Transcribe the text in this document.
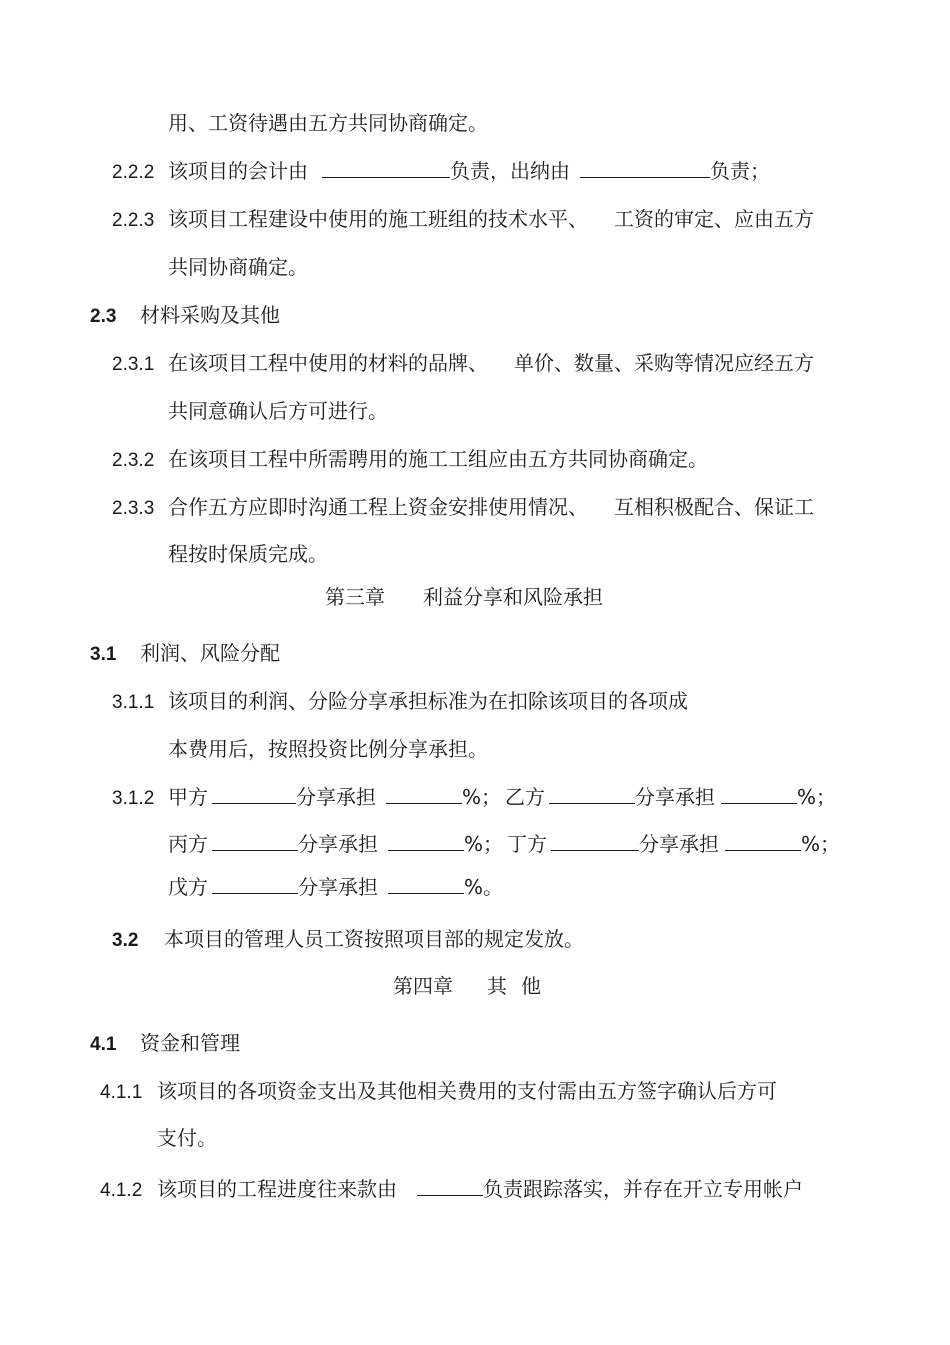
用、工资待遇由五方共同协商确定。
2.2.2 该项目的会计由	负责，出纳由	负责；
2.2.3 该项目工程建设中使用的施工班组的技术水平、 工资的审定、应由五方
共同协商确定。
2.3 材料采购及其他
2.3.1 在该项目工程中使用的材料的品牌、 单价、数量、采购等情况应经五方
共同意确认后方可进行。
2.3.2 在该项目工程中所需聘用的施工工组应由五方共同协商确定。
2.3.3 合作五方应即时沟通工程上资金安排使用情况、 互相积极配合、保证工
程按时保质完成。
第三章 利益分享和风险承担
3.1 利润、风险分配
3.1.1 该项目的利润、分险分享承担标准为在扣除该项目的各项成
本费用后，按照投资比例分享承担。
3.1.2 甲方	分享承担	%； 乙方	分享承担	%；
丙方	分享承担	%； 丁方	分享承担	%；
戊方	分享承担	%。
3.2 本项目的管理人员工资按照项目部的规定发放。
第四章 其 他
4.1 资金和管理
4.1.1 该项目的各项资金支出及其他相关费用的支付需由五方签字确认后方可
支付。
4.1.2 该项目的工程进度往来款由	负责跟踪落实，并存在开立专用帐户
